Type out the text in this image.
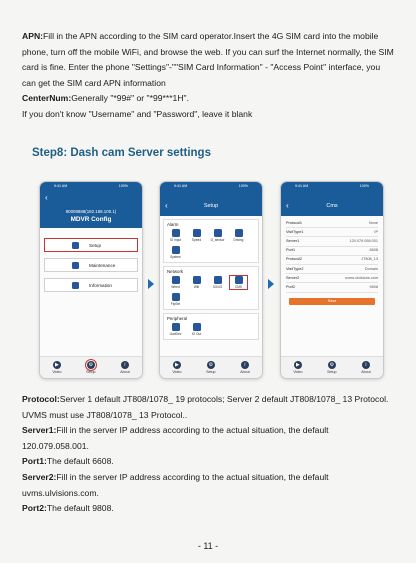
APN:Fill in the APN according to the SIM card operator.Insert the 4G SIM card into the mobile phone, turn off the mobile WiFi, and browse the web. If you can surf the Internet normally, the SIM card is fine. Enter the phone "Settings"-""SIM Card Information" - "Access Point" interface, you can get the SIM card APN information
CenterNum:Generally "*99#" or "*99***1H".
If you don't know "Username" and "Password", leave it blank
Step8: Dash cam Server settings
9:41 AM	100%
‹
90008888(192.168.100.1)
MDVR Config
Setup
Maintenance
Information
▶
Video
⚙
Setup
i
About
9:41 AM	100%
‹	Setup
Alarm
IO Input	Speed	G_sensor	Driving
System
Network
Wired	Wifi	3G/4G	CMS
FtpSet
Peripheral
UartDev	IO Out
▶
Video
⚙
Setup
i
About
9:41 AM	100%
‹	Cms
Protocol1	None
VisitType1	IP
Server1	120.079.058.001
Port1	6608
Protocol2	JT808_13
VisitType2	Domain
Server2	uvms.ulvisions.com
Port2	9808
Save
▶
Video
⚙
Setup
i
About
Protocol:Server 1 default JT808/1078_ 19 protocols; Server 2 default JT808/1078_ 13 Protocol. UVMS must use JT808/1078_ 13 Protocol..
Server1:Fill in the server IP address according to the actual situation, the default 120.079.058.001.
Port1:The default 6608.
Server2:Fill in the server IP address according to the actual situation, the default uvms.ulvisions.com.
Port2:The default 9808.
- 11 -
